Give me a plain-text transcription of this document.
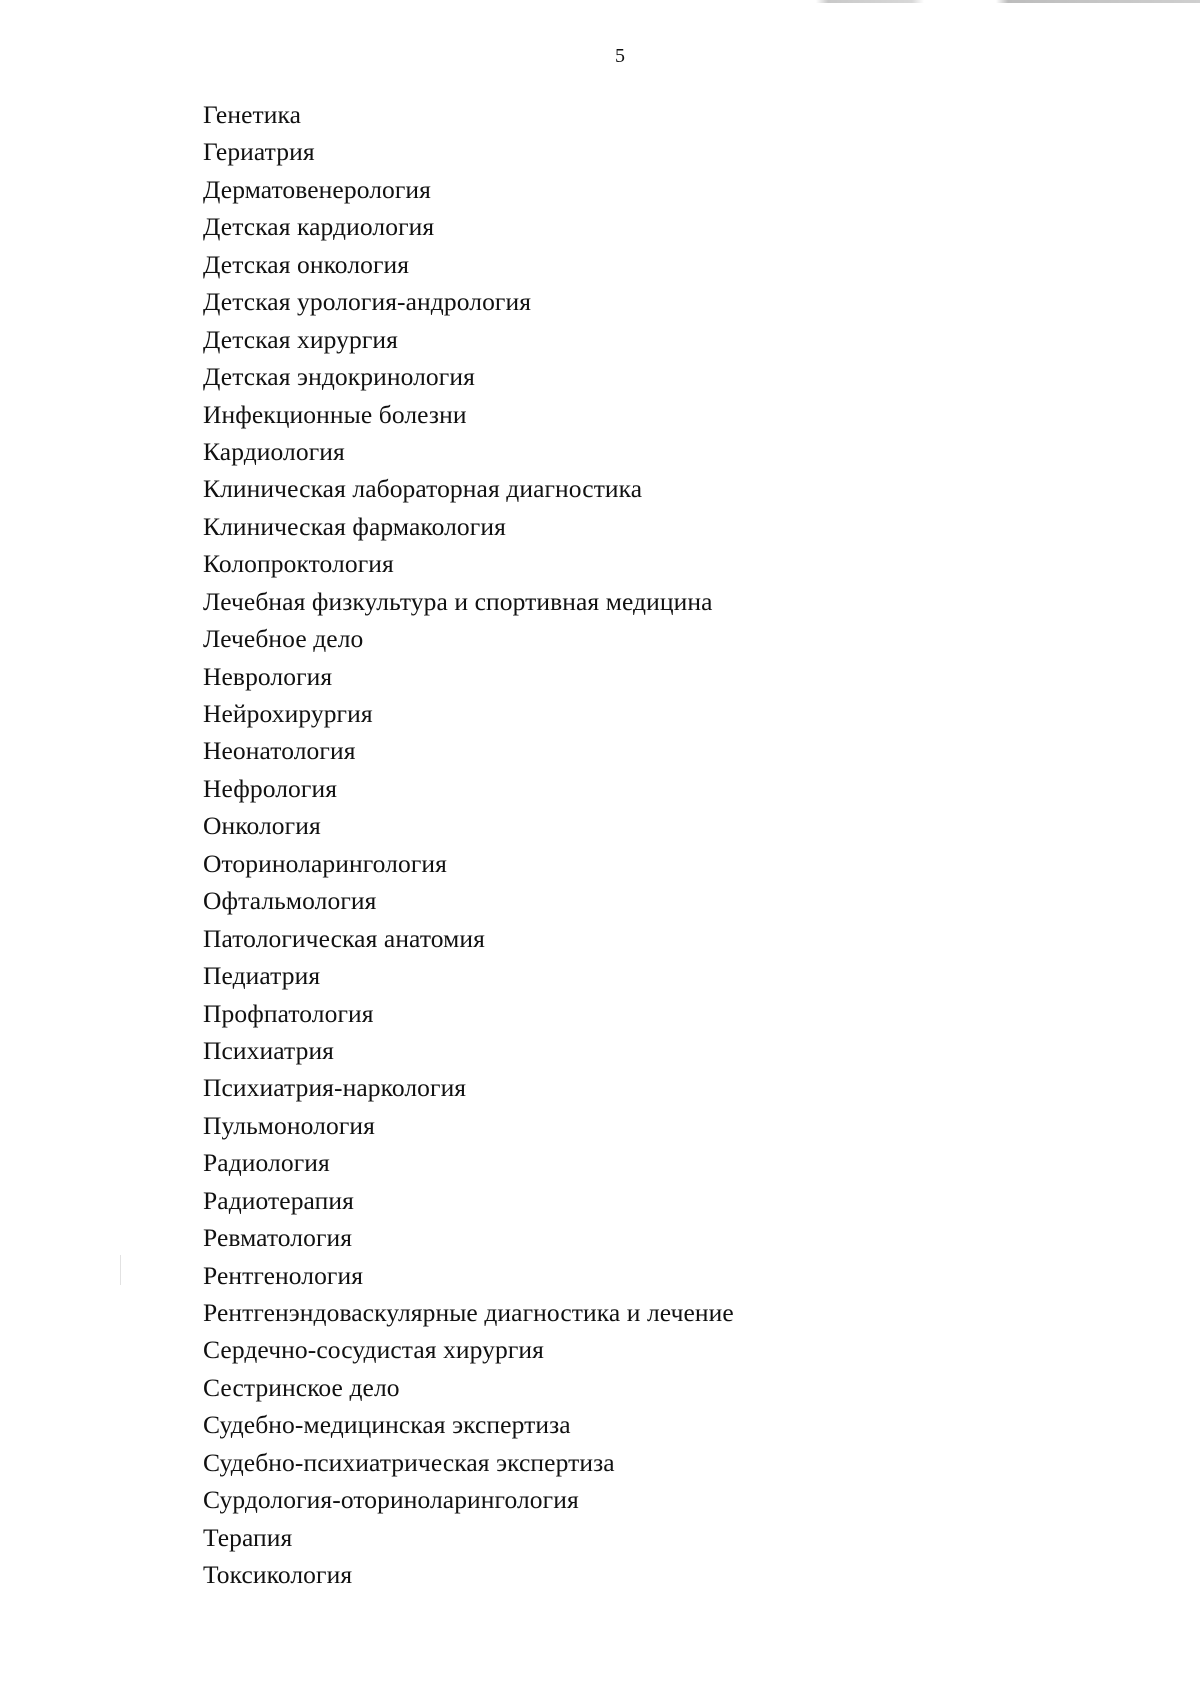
5
Генетика
Гериатрия
Дерматовенерология
Детская кардиология
Детская онкология
Детская урология-андрология
Детская хирургия
Детская эндокринология
Инфекционные болезни
Кардиология
Клиническая лабораторная диагностика
Клиническая фармакология
Колопроктология
Лечебная физкультура и спортивная медицина
Лечебное дело
Неврология
Нейрохирургия
Неонатология
Нефрология
Онкология
Оториноларингология
Офтальмология
Патологическая анатомия
Педиатрия
Профпатология
Психиатрия
Психиатрия-наркология
Пульмонология
Радиология
Радиотерапия
Ревматология
Рентгенология
Рентгенэндоваскулярные диагностика и лечение
Сердечно-сосудистая хирургия
Сестринское дело
Судебно-медицинская экспертиза
Судебно-психиатрическая экспертиза
Сурдология-оториноларингология
Терапия
Токсикология
